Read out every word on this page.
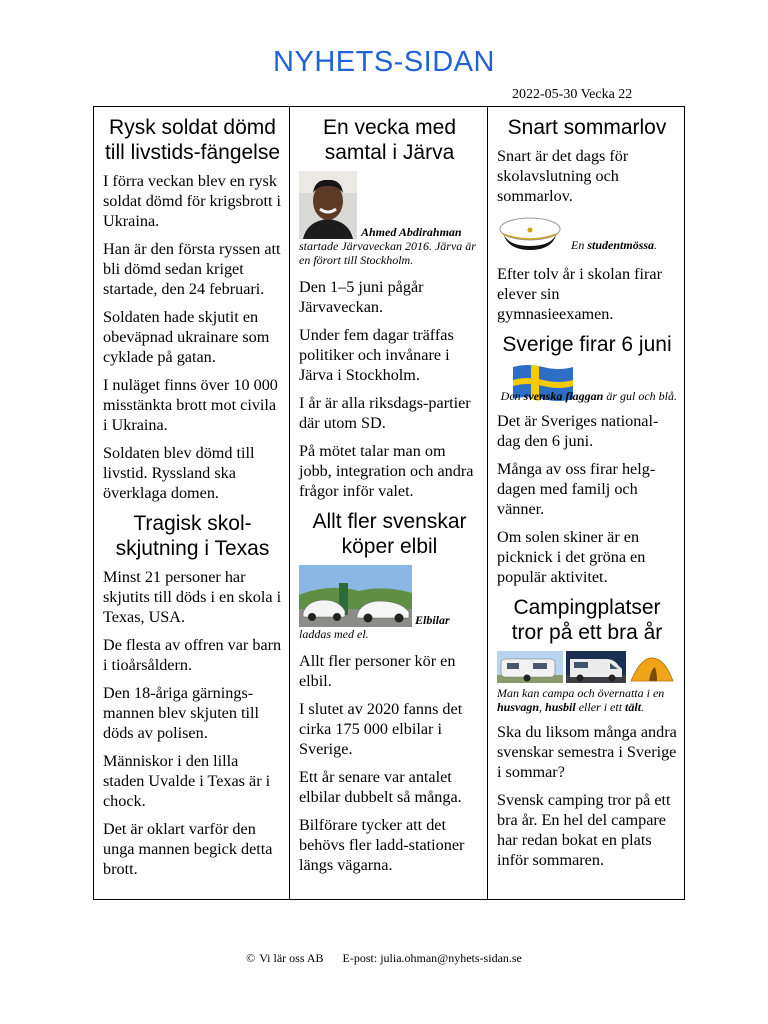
NYHETS-SIDAN
2022-05-30 Vecka 22
Rysk soldat dömd till livstids-fängelse

I förra veckan blev en rysk soldat dömd för krigsbrott i Ukraina.

Han är den första ryssen att bli dömd sedan kriget startade, den 24 februari.

Soldaten hade skjutit en obeväpnad ukrainare som cyklade på gatan.

I nuläget finns över 10 000 misstänkta brott mot civila i Ukraina.

Soldaten blev dömd till livstid. Ryssland ska överklaga domen.

Tragisk skol-skjutning i Texas

Minst 21 personer har skjutits till döds i en skola i Texas, USA.

De flesta av offren var barn i tioårsåldern.

Den 18-åriga gärnings-mannen blev skjuten till döds av polisen.

Människor i den lilla staden Uvalde i Texas är i chock.

Det är oklart varför den unga mannen begick detta brott.

En vecka med samtal i Järva
Ahmed Abdirahman

startade Järvaveckan 2016. Järva är en förort till Stockholm.

Den 1–5 juni pågår Järvaveckan.

Under fem dagar träffas politiker och invånare i Järva i Stockholm.

I år är alla riksdags-partier där utom SD.

På mötet talar man om jobb, integration och andra frågor inför valet.

Allt fler svenskar köper elbil
Elbilar

laddas med el.

Allt fler personer kör en elbil.

I slutet av 2020 fanns det cirka 175 000 elbilar i Sverige.

Ett år senare var antalet elbilar dubbelt så många.

Bilförare tycker att det behövs fler ladd-stationer längs vägarna.

Snart sommarlov

Snart är det dags för skolavslutning och sommarlov.

En studentmössa.

Efter tolv år i skolan firar elever sin gymnasieexamen.

Sverige firar 6 juni

Den svenska flaggan är gul och blå.

Det är Sveriges national-dag den 6 juni.

Många av oss firar helg-dagen med familj och vänner.

Om solen skiner är en picknick i det gröna en populär aktivitet.

Campingplatser tror på ett bra år

Man kan campa och övernatta i en husvagn, husbil eller i ett tält.

Ska du liksom många andra svenskar semestra i Sverige i sommar?

Svensk camping tror på ett bra år. En hel del campare har redan bokat en plats inför sommaren.

© Vi lär oss AB E-post: julia.ohman@nyhets-sidan.se
